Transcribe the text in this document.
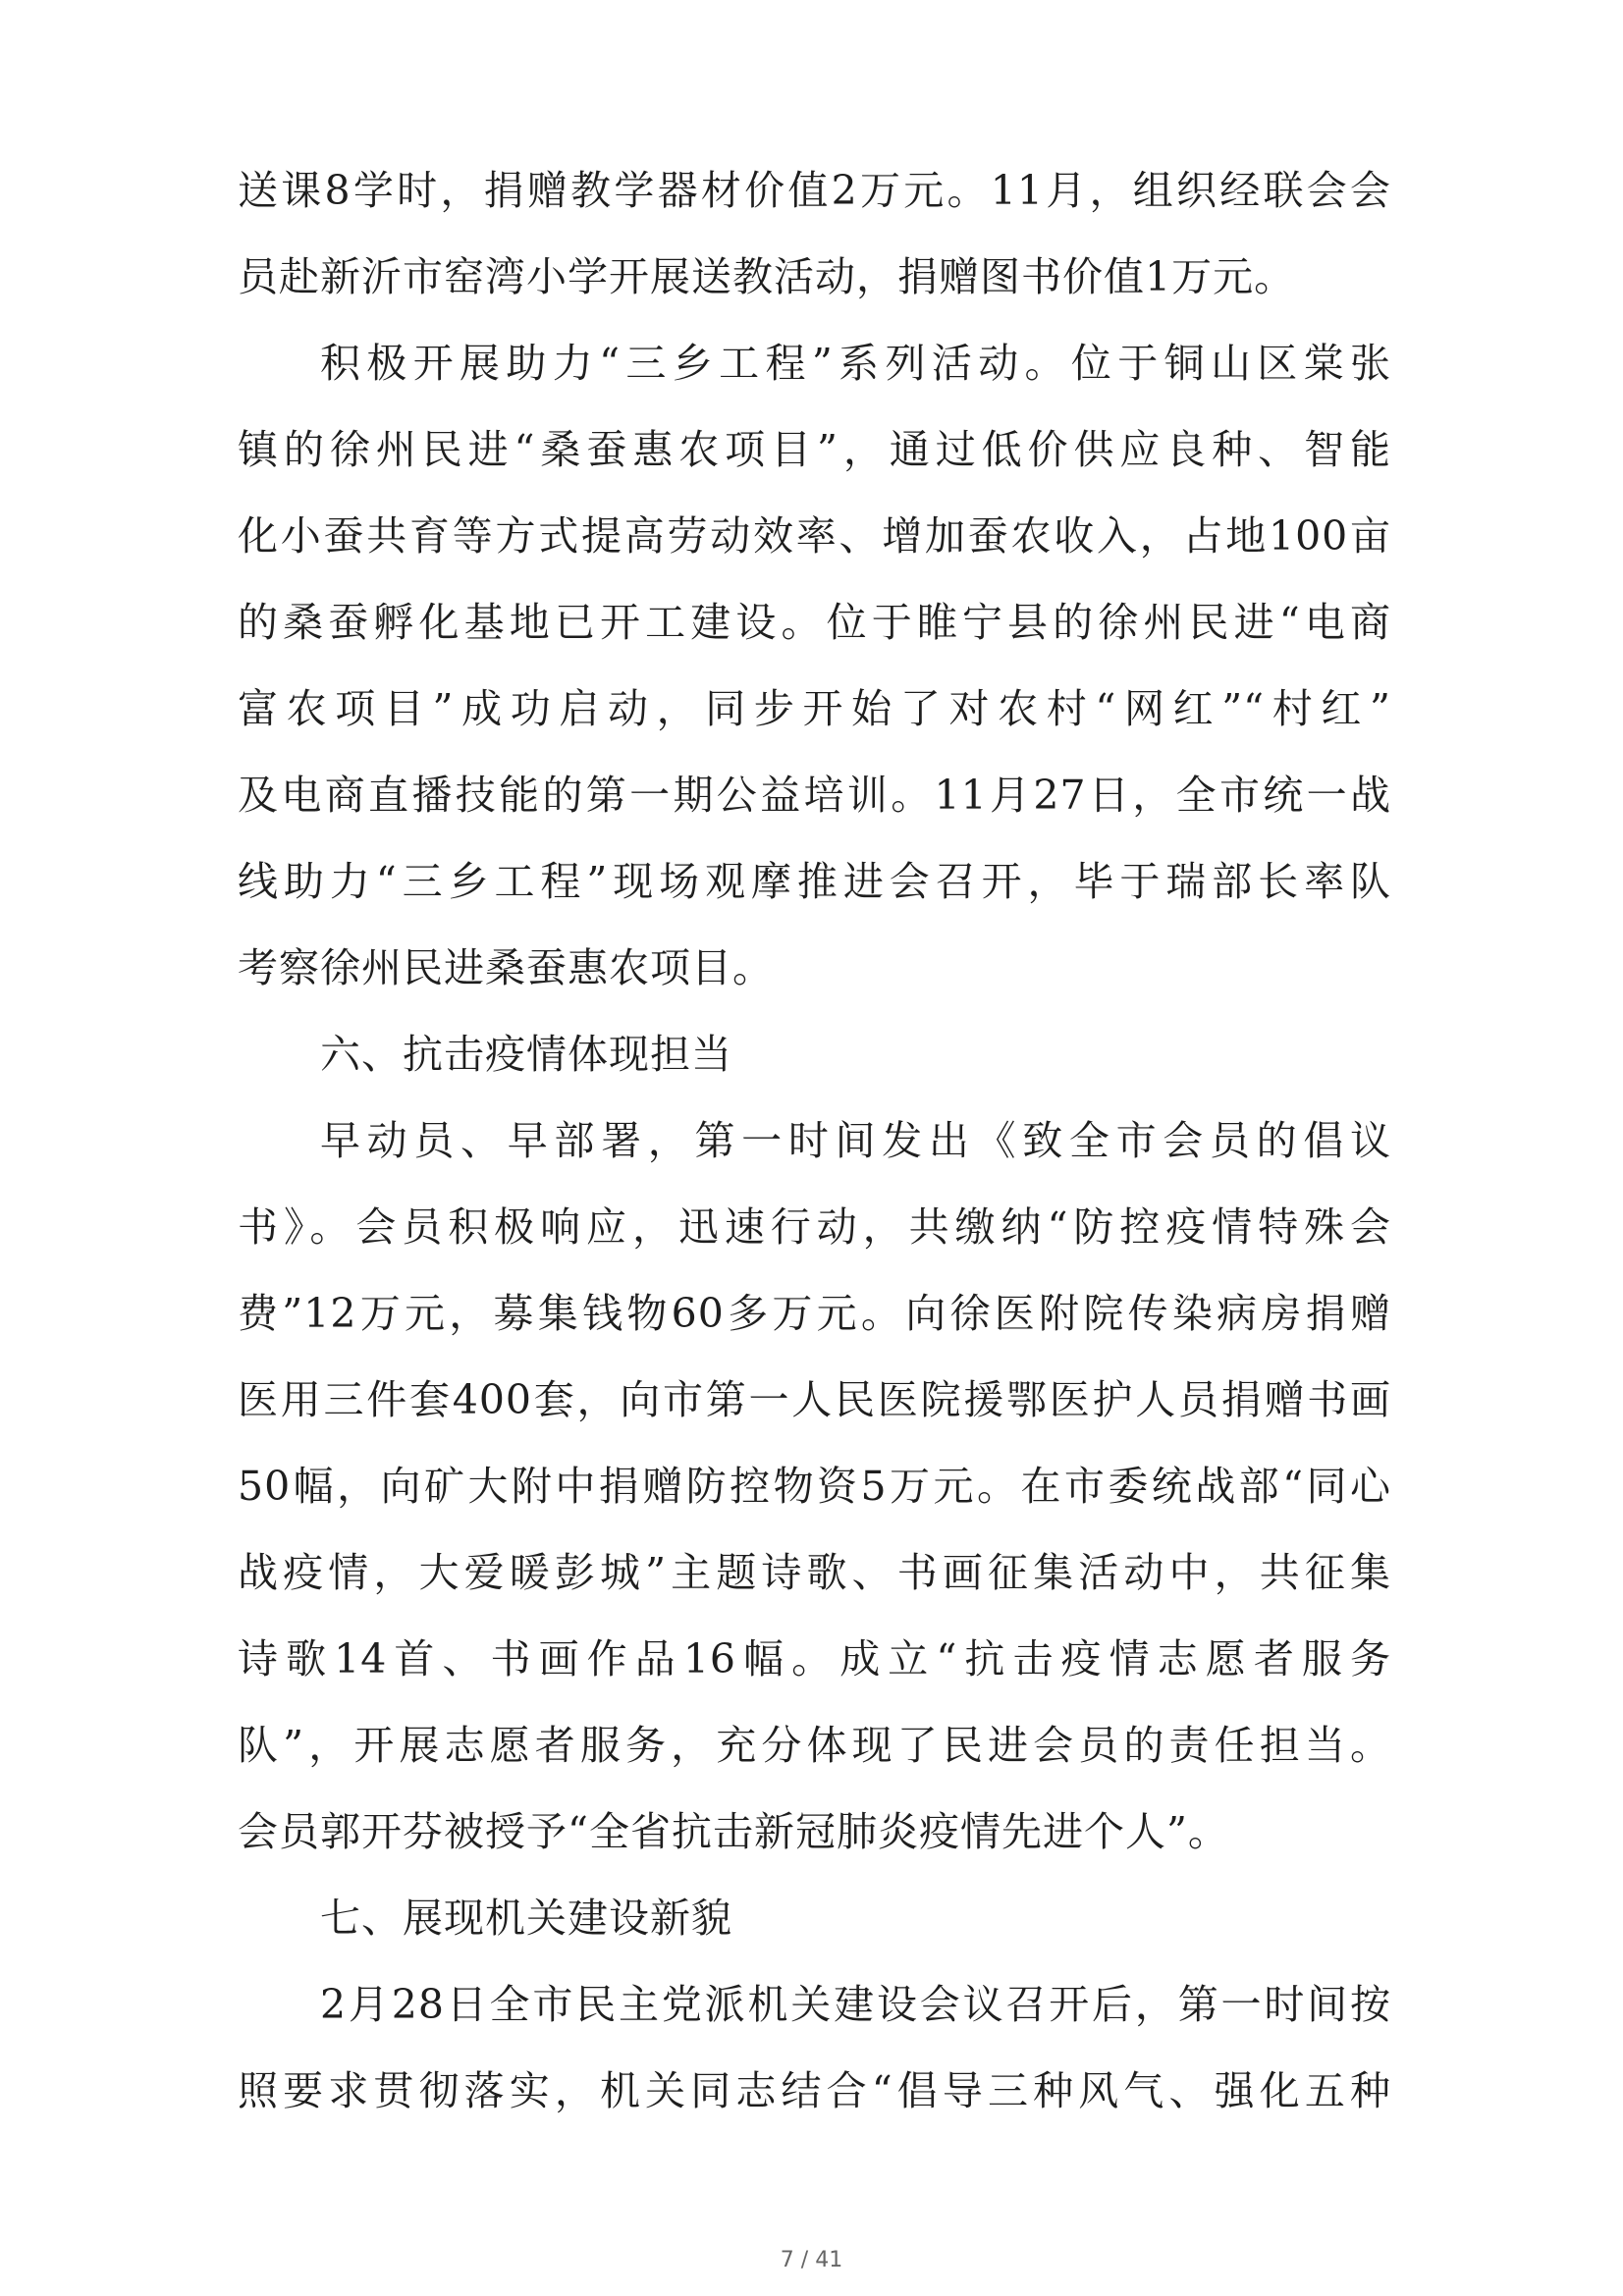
送课8学时，捐赠教学器材价值2万元。11月，组织经联会会
员赴新沂市窑湾小学开展送教活动，捐赠图书价值1万元。
积极开展助力“三乡工程”系列活动。位于铜山区棠张
镇的徐州民进“桑蚕惠农项目”，通过低价供应良种、智能
化小蚕共育等方式提高劳动效率、增加蚕农收入，占地100亩
的桑蚕孵化基地已开工建设。位于睢宁县的徐州民进“电商
富农项目”成功启动，同步开始了对农村“网红”“村红”
及电商直播技能的第一期公益培训。11月27日，全市统一战
线助力“三乡工程”现场观摩推进会召开，毕于瑞部长率队
考察徐州民进桑蚕惠农项目。
六、抗击疫情体现担当
早动员、早部署，第一时间发出《致全市会员的倡议
书》。会员积极响应，迅速行动，共缴纳“防控疫情特殊会
费”12万元，募集钱物60多万元。向徐医附院传染病房捐赠
医用三件套400套，向市第一人民医院援鄂医护人员捐赠书画
50幅，向矿大附中捐赠防控物资5万元。在市委统战部“同心
战疫情，大爱暖彭城”主题诗歌、书画征集活动中，共征集
诗歌14首、书画作品16幅。成立“抗击疫情志愿者服务
队”，开展志愿者服务，充分体现了民进会员的责任担当。
会员郭开芬被授予“全省抗击新冠肺炎疫情先进个人”。
七、展现机关建设新貌
2月28日全市民主党派机关建设会议召开后，第一时间按
照要求贯彻落实，机关同志结合“倡导三种风气、强化五种
7 / 41
